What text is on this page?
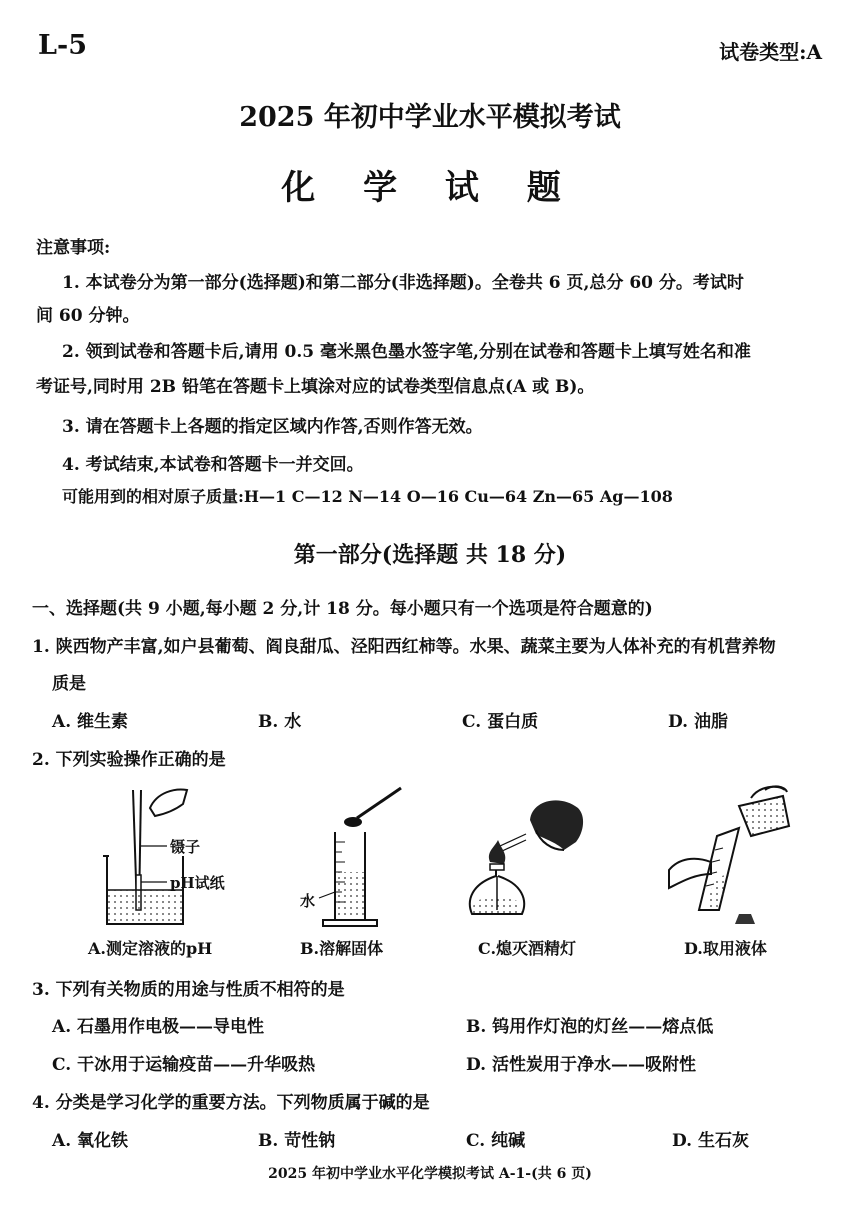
L-5	试卷类型:A
2025 年初中学业水平模拟考试
化 学 试 题
注意事项:
1. 本试卷分为第一部分(选择题)和第二部分(非选择题)。全卷共 6 页,总分 60 分。考试时
间 60 分钟。
2. 领到试卷和答题卡后,请用 0.5 毫米黑色墨水签字笔,分别在试卷和答题卡上填写姓名和准
考证号,同时用 2B 铅笔在答题卡上填涂对应的试卷类型信息点(A 或 B)。
3. 请在答题卡上各题的指定区域内作答,否则作答无效。
4. 考试结束,本试卷和答题卡一并交回。
可能用到的相对原子质量:H—1 C—12 N—14 O—16 Cu—64 Zn—65 Ag—108
第一部分(选择题 共 18 分)
一、选择题(共 9 小题,每小题 2 分,计 18 分。每小题只有一个选项是符合题意的)
1. 陕西物产丰富,如户县葡萄、阎良甜瓜、泾阳西红柿等。水果、蔬菜主要为人体补充的有机营养物
质是
A. 维生素	B. 水	C. 蛋白质	D. 油脂
2. 下列实验操作正确的是
镊子
pH试纸
水
A.测定溶液的pH	B.溶解固体	C.熄灭酒精灯	D.取用液体
3. 下列有关物质的用途与性质不相符的是
A. 石墨用作电极——导电性	B. 钨用作灯泡的灯丝——熔点低
C. 干冰用于运输疫苗——升华吸热	D. 活性炭用于净水——吸附性
4. 分类是学习化学的重要方法。下列物质属于碱的是
A. 氧化铁	B. 苛性钠	C. 纯碱	D. 生石灰
2025 年初中学业水平化学模拟考试 A-1-(共 6 页)
